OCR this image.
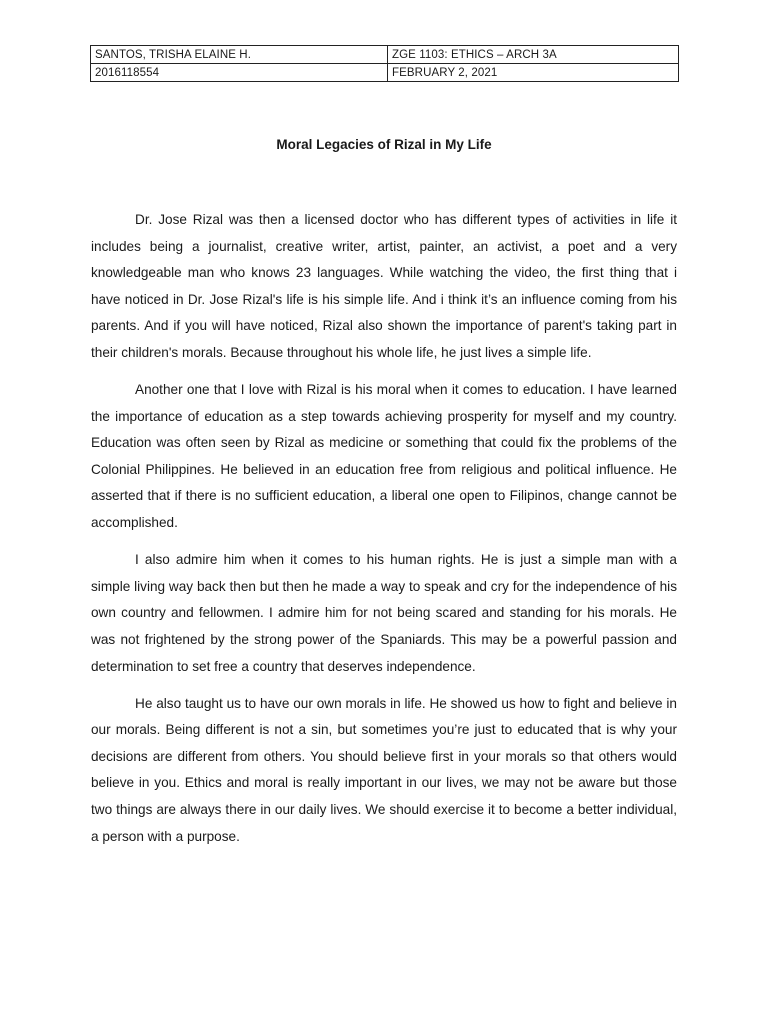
SANTOS, TRISHA ELAINE H.	ZGE 1103: ETHICS – ARCH 3A
2016118554	FEBRUARY 2, 2021
Moral Legacies of Rizal in My Life

Dr. Jose Rizal was then a licensed doctor who has different types of activities in life it includes being a journalist, creative writer, artist, painter, an activist, a poet and a very knowledgeable man who knows 23 languages. While watching the video, the first thing that i have noticed in Dr. Jose Rizal's life is his simple life. And i think it’s an influence coming from his parents. And if you will have noticed, Rizal also shown the importance of parent's taking part in their children's morals. Because throughout his whole life, he just lives a simple life.

Another one that I love with Rizal is his moral when it comes to education. I have learned the importance of education as a step towards achieving prosperity for myself and my country. Education was often seen by Rizal as medicine or something that could fix the problems of the Colonial Philippines. He believed in an education free from religious and political influence. He asserted that if there is no sufficient education, a liberal one open to Filipinos, change cannot be accomplished.

I also admire him when it comes to his human rights. He is just a simple man with a simple living way back then but then he made a way to speak and cry for the independence of his own country and fellowmen. I admire him for not being scared and standing for his morals. He was not frightened by the strong power of the Spaniards. This may be a powerful passion and determination to set free a country that deserves independence.

He also taught us to have our own morals in life. He showed us how to fight and believe in our morals. Being different is not a sin, but sometimes you’re just to educated that is why your decisions are different from others. You should believe first in your morals so that others would believe in you. Ethics and moral is really important in our lives, we may not be aware but those two things are always there in our daily lives. We should exercise it to become a better individual, a person with a purpose.
